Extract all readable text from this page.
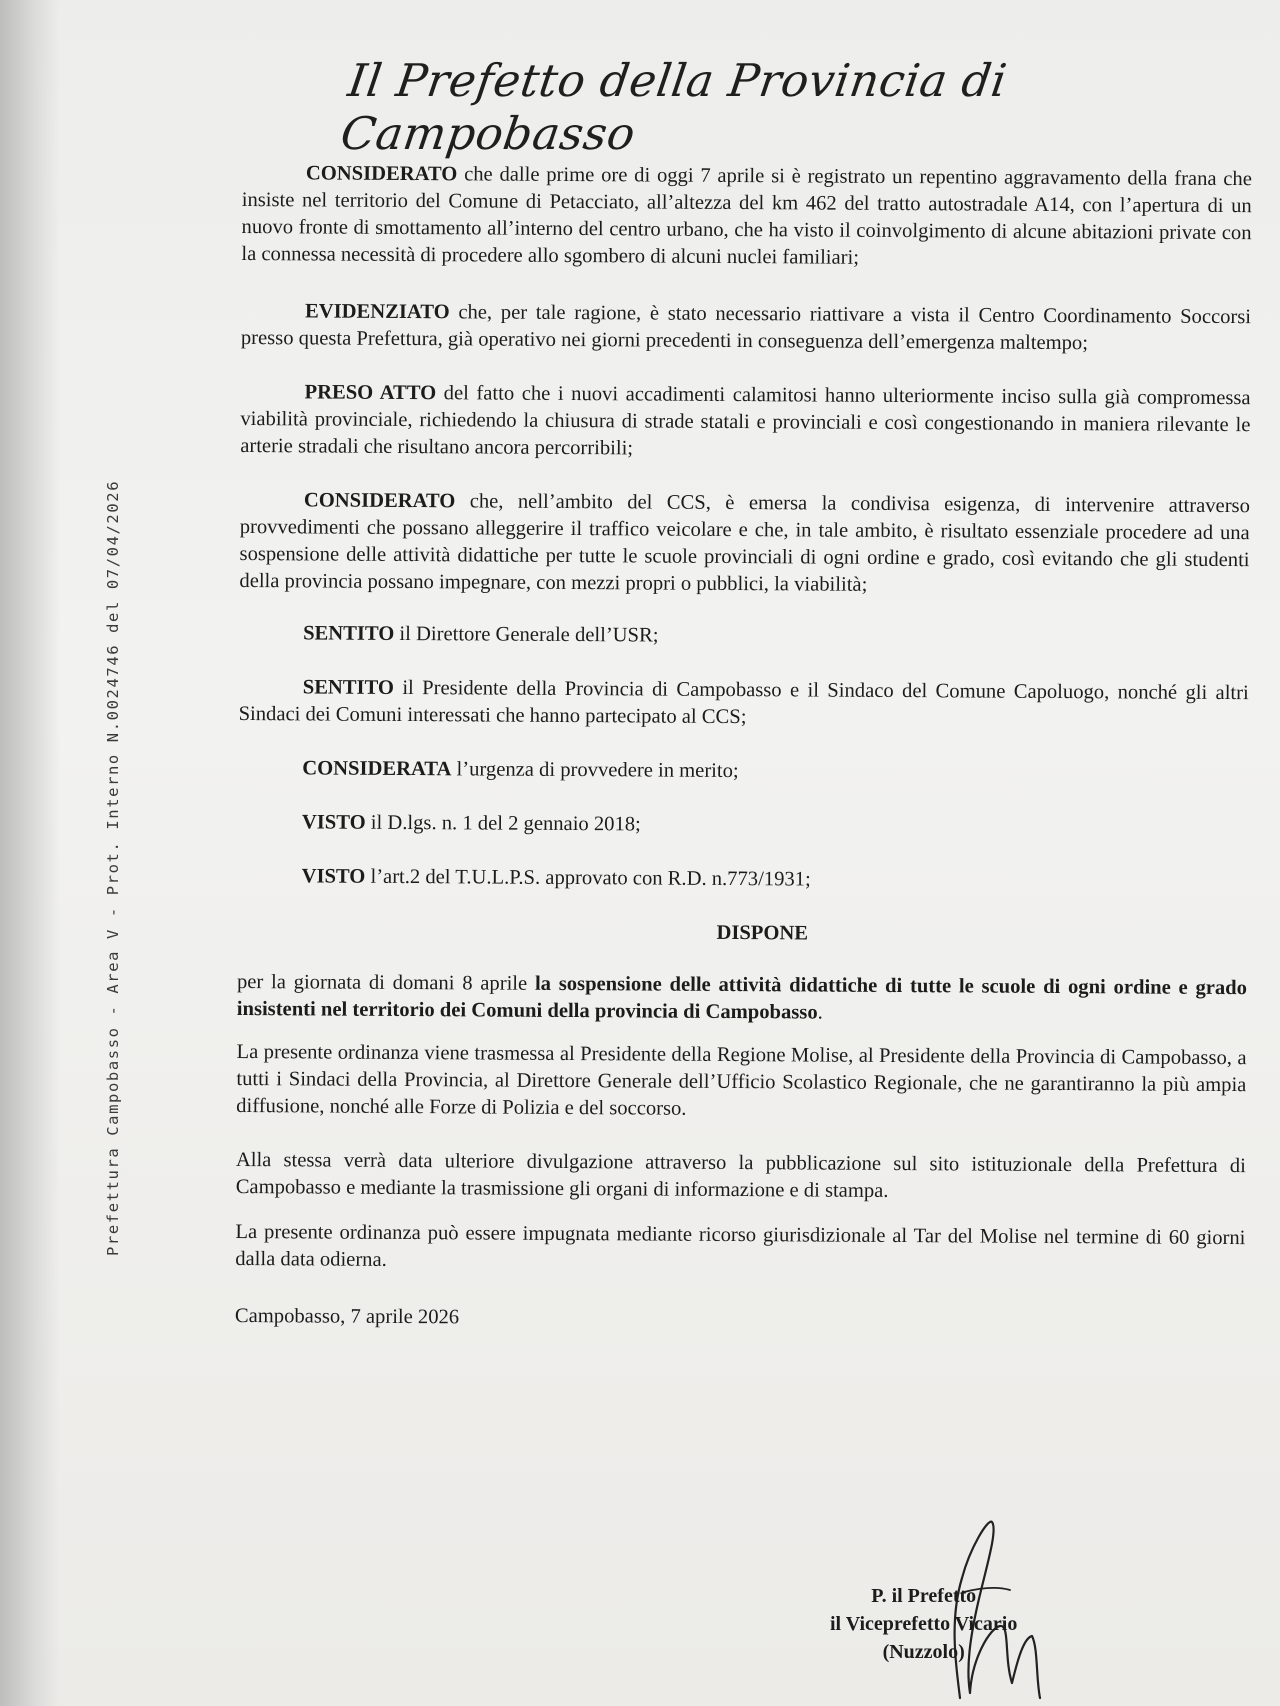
Prefettura Campobasso - Area V - Prot. Interno N.0024746 del 07/04/2026
Il Prefetto della Provincia di Campobasso

CONSIDERATO che dalle prime ore di oggi 7 aprile si è registrato un repentino aggravamento della frana che insiste nel territorio del Comune di Petacciato, all’altezza del km 462 del tratto autostradale A14, con l’apertura di un nuovo fronte di smottamento all’interno del centro urbano, che ha visto il coinvolgimento di alcune abitazioni private con la connessa necessità di procedere allo sgombero di alcuni nuclei familiari;

EVIDENZIATO che, per tale ragione, è stato necessario riattivare a vista il Centro Coordinamento Soccorsi presso questa Prefettura, già operativo nei giorni precedenti in conseguenza dell’emergenza maltempo;

PRESO ATTO del fatto che i nuovi accadimenti calamitosi hanno ulteriormente inciso sulla già compromessa viabilità provinciale, richiedendo la chiusura di strade statali e provinciali e così congestionando in maniera rilevante le arterie stradali che risultano ancora percorribili;

CONSIDERATO che, nell’ambito del CCS, è emersa la condivisa esigenza, di intervenire attraverso provvedimenti che possano alleggerire il traffico veicolare e che, in tale ambito, è risultato essenziale procedere ad una sospensione delle attività didattiche per tutte le scuole provinciali di ogni ordine e grado, così evitando che gli studenti della provincia possano impegnare, con mezzi propri o pubblici, la viabilità;

SENTITO il Direttore Generale dell’USR;

SENTITO il Presidente della Provincia di Campobasso e il Sindaco del Comune Capoluogo, nonché gli altri Sindaci dei Comuni interessati che hanno partecipato al CCS;

CONSIDERATA l’urgenza di provvedere in merito;

VISTO il D.lgs. n. 1 del 2 gennaio 2018;

VISTO l’art.2 del T.U.L.P.S. approvato con R.D. n.773/1931;

DISPONE

per la giornata di domani 8 aprile la sospensione delle attività didattiche di tutte le scuole di ogni ordine e grado insistenti nel territorio dei Comuni della provincia di Campobasso.

La presente ordinanza viene trasmessa al Presidente della Regione Molise, al Presidente della Provincia di Campobasso, a tutti i Sindaci della Provincia, al Direttore Generale dell’Ufficio Scolastico Regionale, che ne garantiranno la più ampia diffusione, nonché alle Forze di Polizia e del soccorso.

Alla stessa verrà data ulteriore divulgazione attraverso la pubblicazione sul sito istituzionale della Prefettura di Campobasso e mediante la trasmissione gli organi di informazione e di stampa.

La presente ordinanza può essere impugnata mediante ricorso giurisdizionale al Tar del Molise nel termine di 60 giorni dalla data odierna.

Campobasso, 7 aprile 2026

P. il Prefetto
il Viceprefetto Vicario
(Nuzzolo)
